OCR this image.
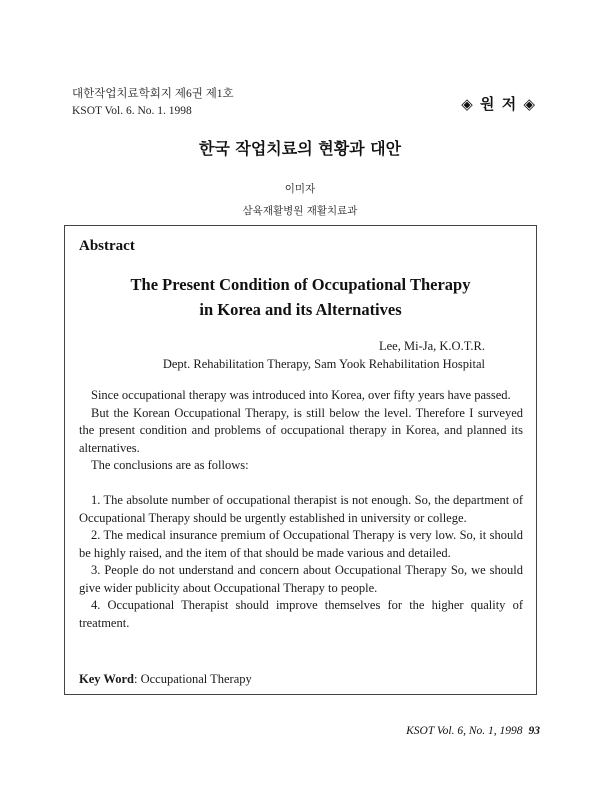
대한작업치료학회지 제6권 제1호
KSOT Vol. 6. No. 1. 1998	◈ 원 저 ◈
한국 작업치료의 현황과 대안
이미자
삼육재활병원 재활치료과
Abstract
The Present Condition of Occupational Therapy
in Korea and its Alternatives
Lee, Mi-Ja, K.O.T.R.
Dept. Rehabilitation Therapy, Sam Yook Rehabilitation Hospital

Since occupational therapy was introduced into Korea, over fifty years have passed.

But the Korean Occupational Therapy, is still below the level. Therefore I surveyed the present condition and problems of occupational therapy in Korea, and planned its alternatives.

The conclusions are as follows:

1. The absolute number of occupational therapist is not enough. So, the department of Occupational Therapy should be urgently established in university or college.

2. The medical insurance premium of Occupational Therapy is very low. So, it should be highly raised, and the item of that should be made various and detailed.

3. People do not understand and concern about Occupational Therapy So, we should give wider publicity about Occupational Therapy to people.

4. Occupational Therapist should improve themselves for the higher quality of treatment.

Key Word: Occupational Therapy
KSOT Vol. 6, No. 1, 1998 93
